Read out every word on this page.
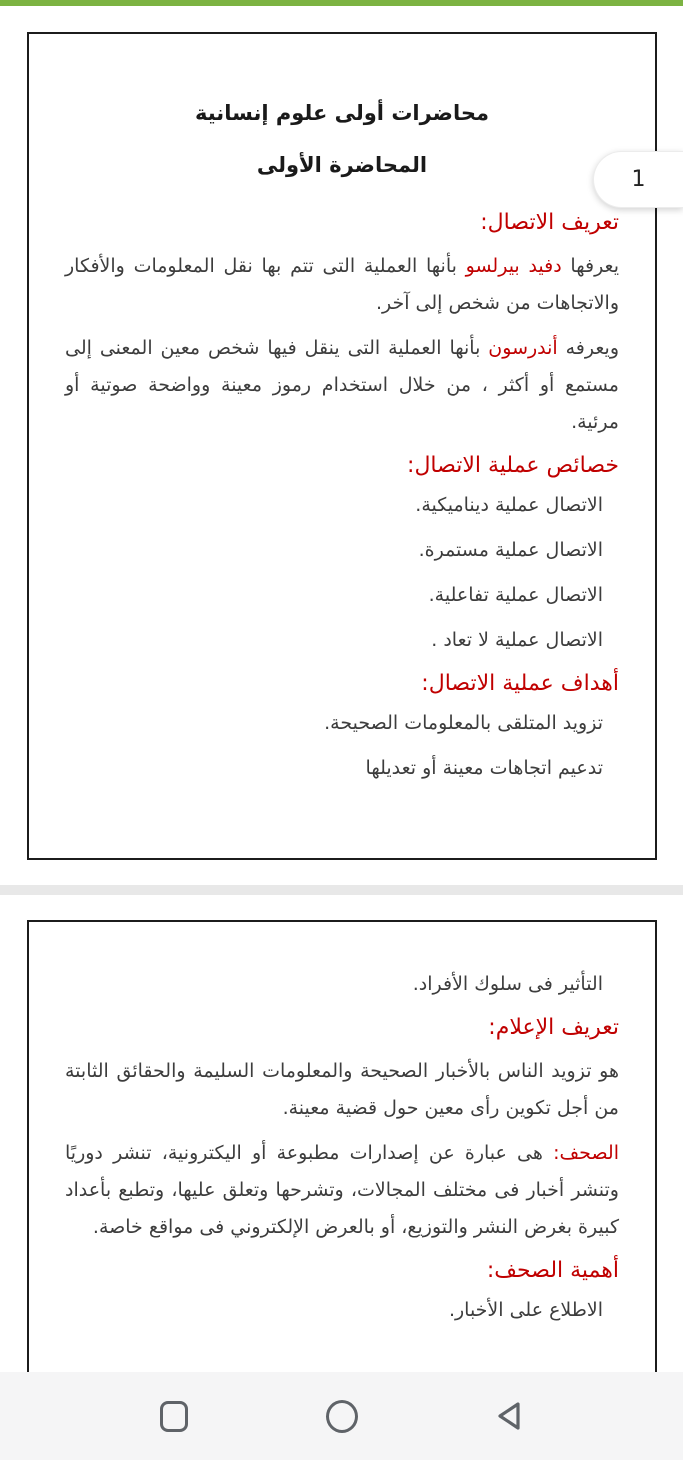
محاضرات أولى علوم إنسانية
المحاضرة الأولى
تعريف الاتصال:

يعرفها دفيد بيرلسو بأنها العملية التى تتم بها نقل المعلومات والأفكار والاتجاهات من شخص إلى آخر.

ويعرفه أندرسون بأنها العملية التى ينقل فيها شخص معين المعنى إلى مستمع أو أكثر ، من خلال استخدام رموز معينة وواضحة صوتية أو مرئية.

خصائص عملية الاتصال:
الاتصال عملية ديناميكية.
الاتصال عملية مستمرة.
الاتصال عملية تفاعلية.
الاتصال عملية لا تعاد .
أهداف عملية الاتصال:
تزويد المتلقى بالمعلومات الصحيحة.
تدعيم اتجاهات معينة أو تعديلها
1
التأثير فى سلوك الأفراد.
تعريف الإعلام:

هو تزويد الناس بالأخبار الصحيحة والمعلومات السليمة والحقائق الثابتة من أجل تكوين رأى معين حول قضية معينة.

الصحف: هى عبارة عن إصدارات مطبوعة أو اليكترونية، تنشر دوريًا وتنشر أخبار فى مختلف المجالات، وتشرحها وتعلق عليها، وتطبع بأعداد كبيرة بغرض النشر والتوزيع، أو بالعرض الإلكتروني فى مواقع خاصة.

أهمية الصحف:
الاطلاع على الأخبار.
